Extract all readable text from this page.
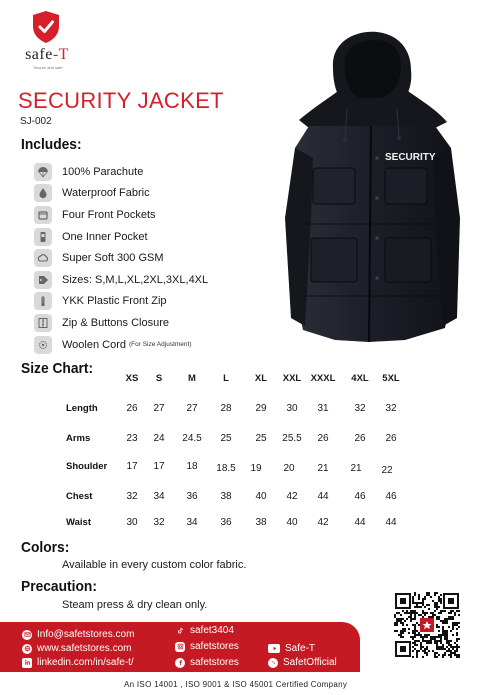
safe-T
Secure and safe
SECURITY JACKET
SJ-002
Includes:
100% Parachute
Waterproof Fabric
Four Front Pockets
One Inner Pocket
Super Soft 300 GSM
Sizes: S,M,L,XL,2XL,3XL,4XL
YKK Plastic Front Zip
Zip & Buttons Closure
Woolen Cord (For Size Adjustment)
SECURITY
Size Chart:
XS	S	M	L	XL	XXL XXXL	4XL	5XL
Length	26	27	27	28	29	30	31	32	32
Arms	23	24	24.5	25	25	25.5	26	26	26
Shoulder	17	17	18	18.5	19	20	21	21	22
Chest	32	34	36	38	40	42	44	46	46
Waist	30	32	34	36	38	40	42	44	44
Colors:
Available in every custom color fabric.
Precaution:
Steam press & dry clean only.
Info@safetstores.com
www.safetstores.com
linkedin.com/in/safe-t/
safet3404
safetstores
safetstores
Safe-T
SafetOfficial
An ISO 14001 , ISO 9001 & ISO 45001 Certified Company
